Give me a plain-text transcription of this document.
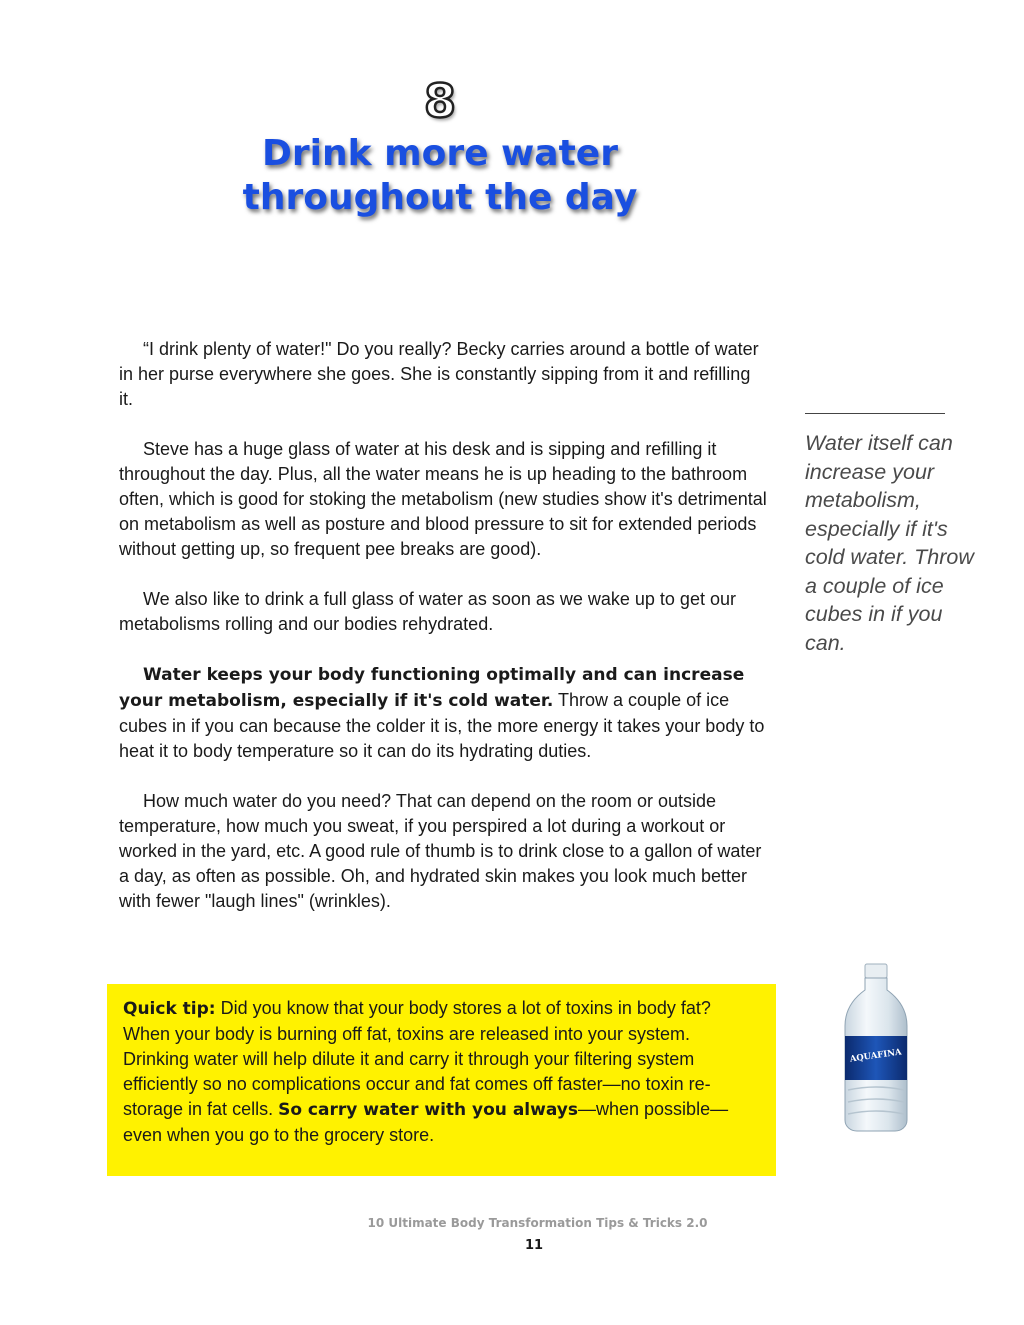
8
Drink more water
throughout the day

“I drink plenty of water!" Do you really? Becky carries around a bottle of water in her purse everywhere she goes. She is constantly sipping from it and refilling it.

Steve has a huge glass of water at his desk and is sipping and refilling it throughout the day. Plus, all the water means he is up heading to the bathroom often, which is good for stoking the metabolism (new studies show it's detrimental on metabolism as well as posture and blood pressure to sit for extended periods without getting up, so frequent pee breaks are good).

We also like to drink a full glass of water as soon as we wake up to get our metabolisms rolling and our bodies rehydrated.

Water keeps your body functioning optimally and can increase your metabolism, especially if it's cold water. Throw a couple of ice cubes in if you can because the colder it is, the more energy it takes your body to heat it to body temperature so it can do its hydrating duties.

How much water do you need? That can depend on the room or outside temperature, how much you sweat, if you perspired a lot during a workout or worked in the yard, etc. A good rule of thumb is to drink close to a gallon of water a day, as often as possible. Oh, and hydrated skin makes you look much better with fewer "laugh lines" (wrinkles).

Water itself can increase your metabolism, especially if it's cold water. Throw a couple of ice cubes in if you can.
Quick tip: Did you know that your body stores a lot of toxins in body fat? When your body is burning off fat, toxins are released into your system. Drinking water will help dilute it and carry it through your filtering system efficiently so no complications occur and fat comes off faster—no toxin re-storage in fat cells. So carry water with you always—when possible—even when you go to the grocery store.
AQUAFINA
10 Ultimate Body Transformation Tips & Tricks 2.0
11
